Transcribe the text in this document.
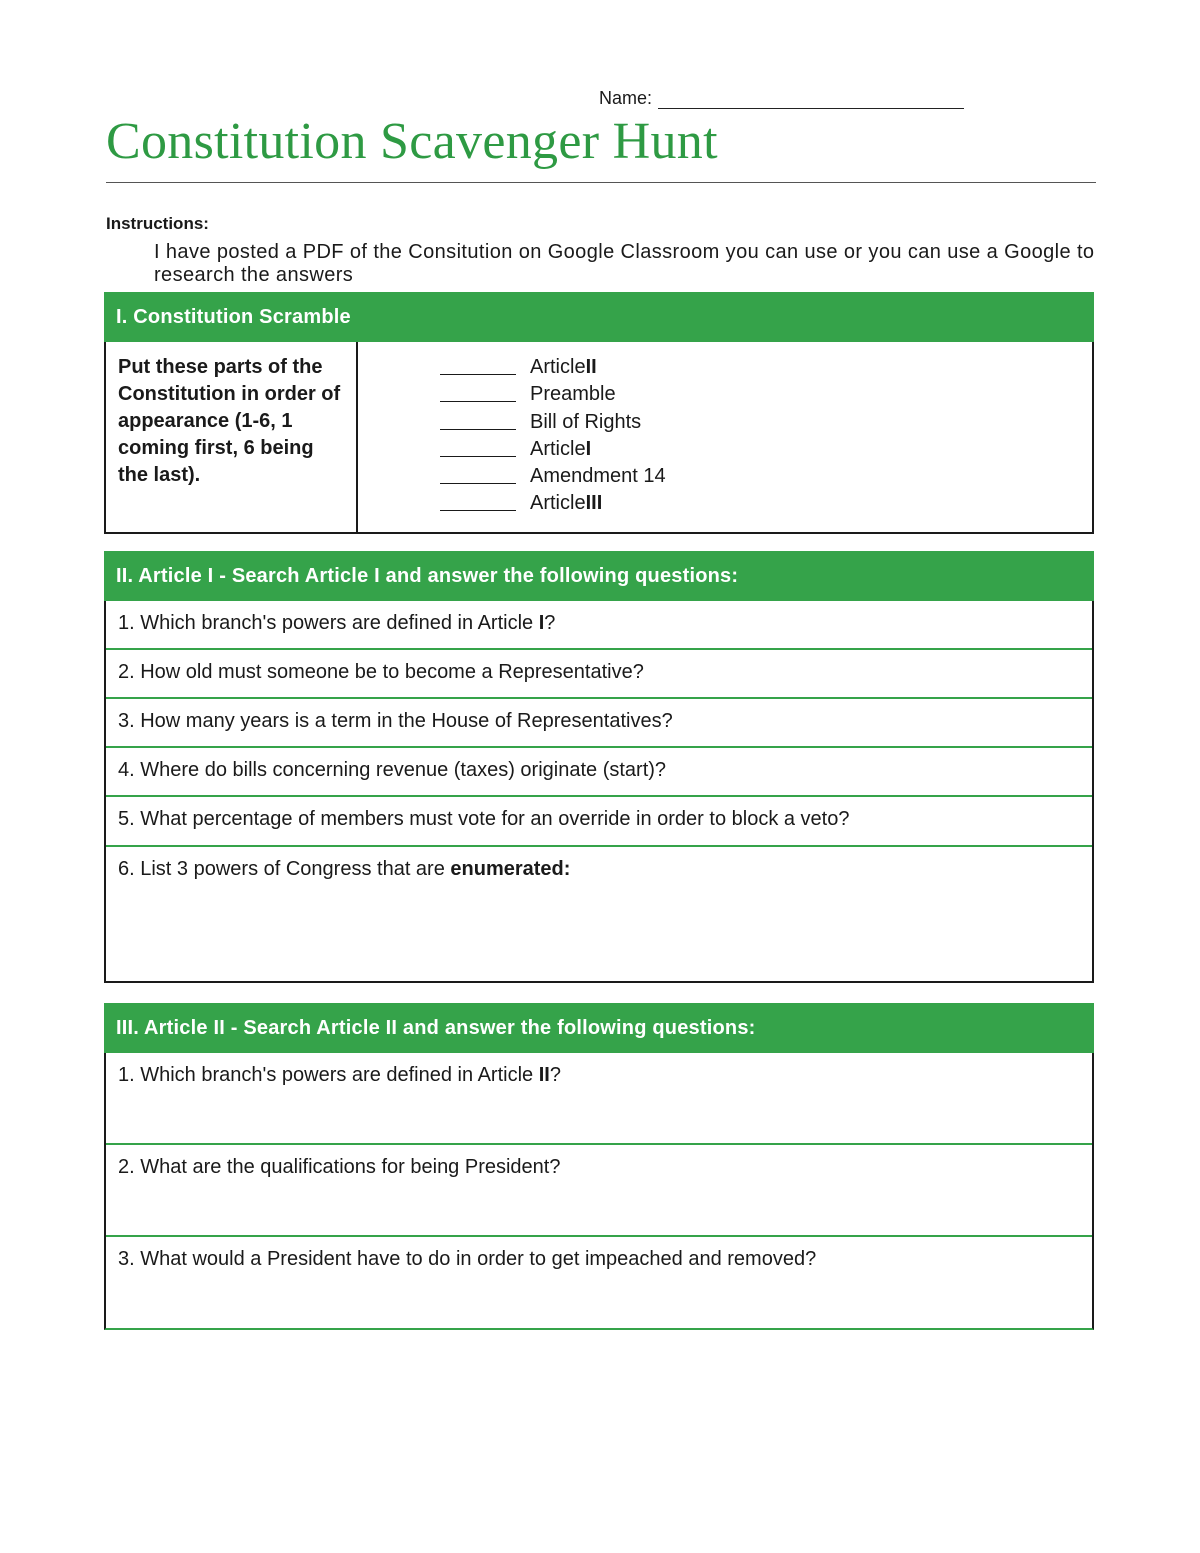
Name:
Constitution Scavenger Hunt
Instructions:
I have posted a PDF of the Consitution on Google Classroom you can use or you can use a Google to research the answers
I. Constitution Scramble
Put these parts of the Constitution in order of appearance (1-6, 1 coming first, 6 being the last).
Article II
Preamble
Bill of Rights
Article I
Amendment 14
Article III
II. Article I - Search Article I and answer the following questions:
1. Which branch's powers are defined in Article I?
2. How old must someone be to become a Representative?
3. How many years is a term in the House of Representatives?
4. Where do bills concerning revenue (taxes) originate (start)?
5. What percentage of members must vote for an override in order to block a veto?
6. List 3 powers of Congress that are enumerated:
III. Article II - Search Article II and answer the following questions:
1. Which branch's powers are defined in Article II?
2. What are the qualifications for being President?
3. What would a President have to do in order to get impeached and removed?
